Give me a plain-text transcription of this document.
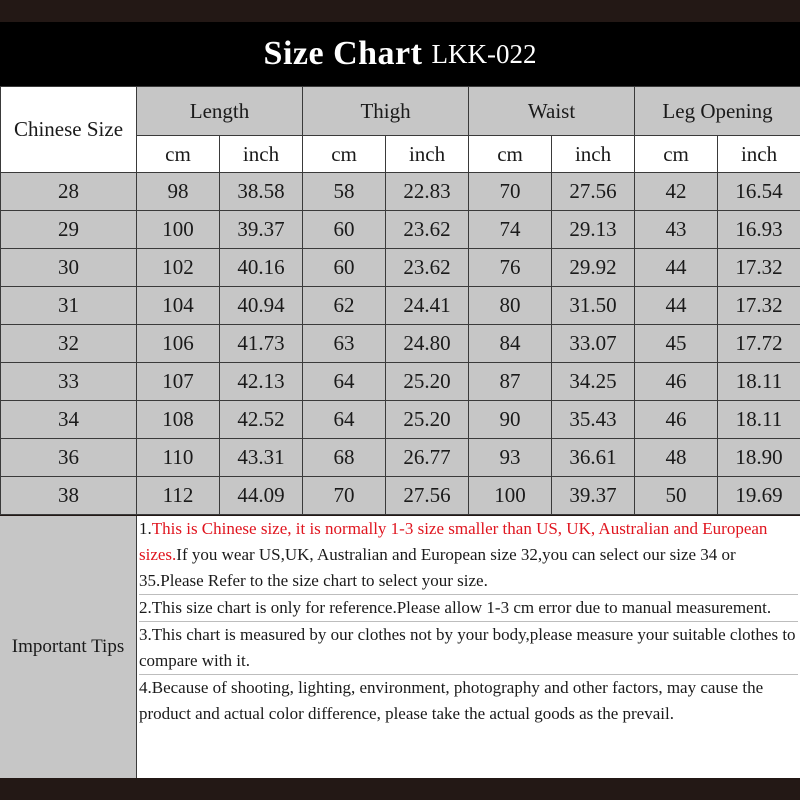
Size Chart LKK-022
Chinese Size	Length		Thigh		Waist		Leg Opening	
	cm	inch	cm	inch	cm	inch	cm	inch
28	98	38.58	58	22.83	70	27.56	42	16.54
29	100	39.37	60	23.62	74	29.13	43	16.93
30	102	40.16	60	23.62	76	29.92	44	17.32
31	104	40.94	62	24.41	80	31.50	44	17.32
32	106	41.73	63	24.80	84	33.07	45	17.72
33	107	42.13	64	25.20	87	34.25	46	18.11
34	108	42.52	64	25.20	90	35.43	46	18.11
36	110	43.31	68	26.77	93	36.61	48	18.90
38	112	44.09	70	27.56	100	39.37	50	19.69
Important Tips

1.This is Chinese size, it is normally 1-3 size smaller than US, UK, Australian and European sizes.If you wear US,UK, Australian and European size 32,you can select our size 34 or 35.Please Refer to the size chart to select your size.

2.This size chart is only for reference.Please allow 1-3 cm error due to manual measurement.

3.This chart is measured by our clothes not by your body,please measure your suitable clothes to compare with it.

4.Because of shooting, lighting, environment, photography and other factors, may cause the product and actual color difference, please take the actual goods as the prevail.
